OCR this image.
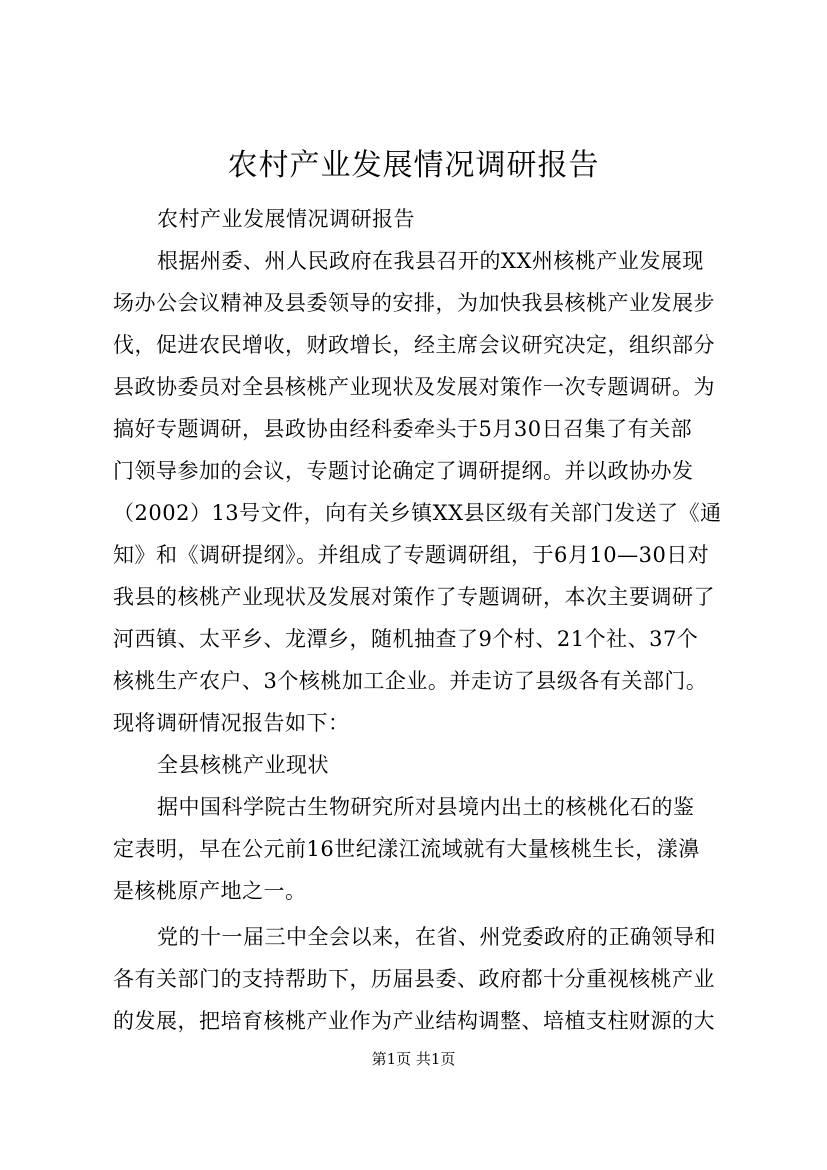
农村产业发展情况调研报告
农村产业发展情况调研报告
根据州委、州人民政府在我县召开的XX州核桃产业发展现
场办公会议精神及县委领导的安排，为加快我县核桃产业发展步
伐，促进农民增收，财政增长，经主席会议研究决定，组织部分
县政协委员对全县核桃产业现状及发展对策作一次专题调研。为
搞好专题调研，县政协由经科委牵头于5月30日召集了有关部
门领导参加的会议，专题讨论确定了调研提纲。并以政协办发
（2002）13号文件，向有关乡镇XX县区级有关部门发送了《通
知》和《调研提纲》。并组成了专题调研组，于6月10—30日对
我县的核桃产业现状及发展对策作了专题调研，本次主要调研了
河西镇、太平乡、龙潭乡，随机抽查了9个村、21个社、37个
核桃生产农户、3个核桃加工企业。并走访了县级各有关部门。
现将调研情况报告如下：
全县核桃产业现状
据中国科学院古生物研究所对县境内出土的核桃化石的鉴
定表明，早在公元前16世纪漾江流域就有大量核桃生长，漾濞
是核桃原产地之一。
党的十一届三中全会以来，在省、州党委政府的正确领导和
各有关部门的支持帮助下，历届县委、政府都十分重视核桃产业
的发展，把培育核桃产业作为产业结构调整、培植支柱财源的大
第1页 共1页
